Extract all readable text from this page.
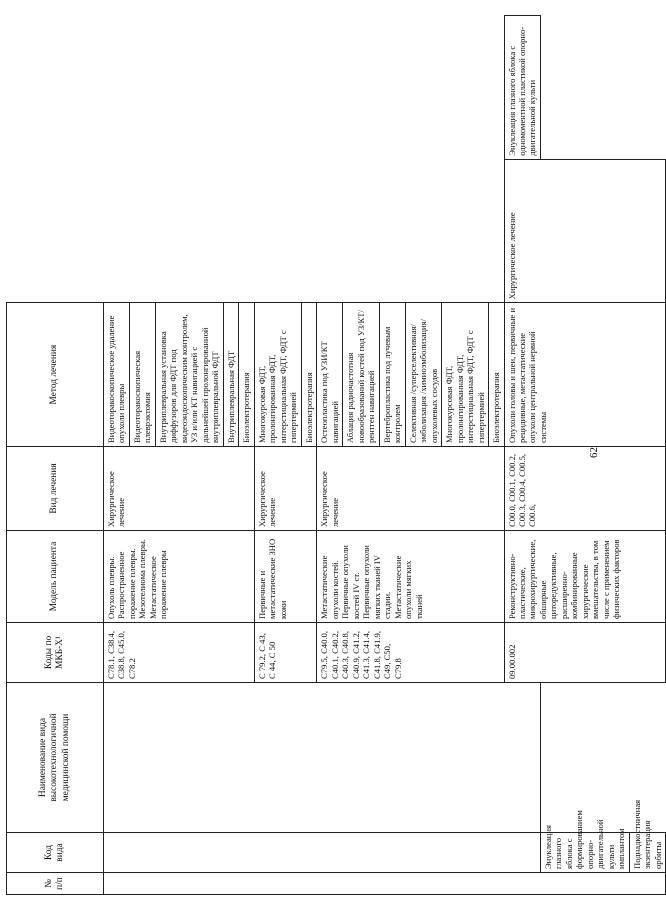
62
№ п/п	Код вида	Наименование вида высокотехнологичной медицинской помощи	Коды по МКБ-Х¹	Модель пациента	Вид лечения	Метод лечения		
			C78.1, C38.4, C38.8, C45.0, C78.2	Опухоль плевры. Распространенное поражение плевры. Мезотелиома плевры. Метастатическое поражение плевры	Хирургическое лечение	Видеоторакоскопическое удаление опухоли плевры		
						Видеоторакоскопическая плеврэктомия		
						Внутриплевральная установка диффузоров для ФДТ под видеоэндоскопическим контролем, УЗ и/или КТ навигацией с дальнейшей пролонгированной внутриплевральной ФДТ		
						Внутриплевральная ФДТ		
						Биоэлектротерапия		
			C 79.2, C 43, C 44, C 50	Первичные и метастатические ЗНО кожи	Хирургическое лечение	Многокурсовая ФДТ, пролонгированная ФДТ, интерстициальная ФДТ, ФДТ с гипертермией		
						Биоэлектротерапия		
			C79.5, C40.0, C40.1, C40.2, C40.3, C40.8, C40.9, C41.2, C41.3, C41.4, C41.8, C41.9, C49, C50, C79.8	Метастатические опухоли костей. Первичные опухоли костей IV ст. Первичные опухоли мягких тканей IV стадии. Метастатические опухоли мягких тканей	Хирургическое лечение	Остеопластика под УЗИ/КТ навигацией		
						Аблация радиочастотная новообразований костей под УЗ/КТ/рентген навигацией		
						Вертебропластика под лучевым контролем		
						Селективная /суперселективная/ эмболизация /химиоэмболизация/ опухолевых сосудов		
						Многокурсовая ФДТ, пролонгированная ФДТ, интерстициальная ФДТ, ФДТ с гипертермией		
						Биоэлектротерапия		
			09.00.002	Реконструктивно-пластические, микрохирургические, обширные циторедуктивные, расширенно-комбинированные хирургические вмешательства, в том числе с применением физических факторов	C00.0, C00.1, C00.2, C00.3, C00.4, C00.5, C00.6,	Опухоли головы и шеи, первичные и рецидивные, метастатические опухоли центральной нервной системы	Хирургическое лечение	Энуклеация глазного яблока с одномоментной пластикой опорно-двигательной культи
	Энуклеация глазного яблока с формированием опорно-двигательной культи имплантом							
	Поднадкостничная экзентерация орбиты							
